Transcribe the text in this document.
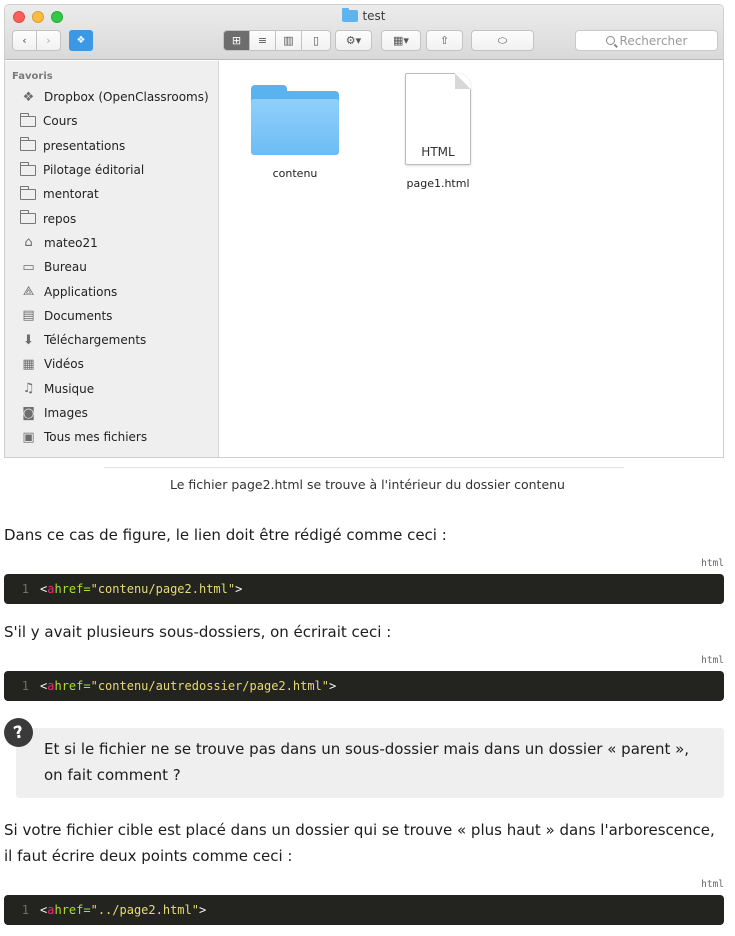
test
‹ ›	❖	⊞	≡	▥	▯	⚙▾	▦▾	⇧	⬭	Rechercher
Favoris
❖ Dropbox (OpenClassrooms)
Cours
presentations
Pilotage éditorial
mentorat
repos
⌂ mateo21
▭ Bureau
⟁ Applications
▤ Documents
⬇ Téléchargements
▦ Vidéos
♫ Musique
◙ Images
▣ Tous mes fichiers
contenu
HTML
page1.html
Le fichier page2.html se trouve à l'intérieur du dossier contenu

Dans ce cas de figure, le lien doit être rédigé comme ceci :

html
1 < a href= "contenu/page2.html" >

S'il y avait plusieurs sous-dossiers, on écrirait ceci :

html
1 < a href= "contenu/autredossier/page2.html" >

Et si le fichier ne se trouve pas dans un sous-dossier mais dans un dossier « parent », on fait comment ?

?

Si votre fichier cible est placé dans un dossier qui se trouve « plus haut » dans l'arborescence, il faut écrire deux points comme ceci :

html
1 < a href= "../page2.html" >
